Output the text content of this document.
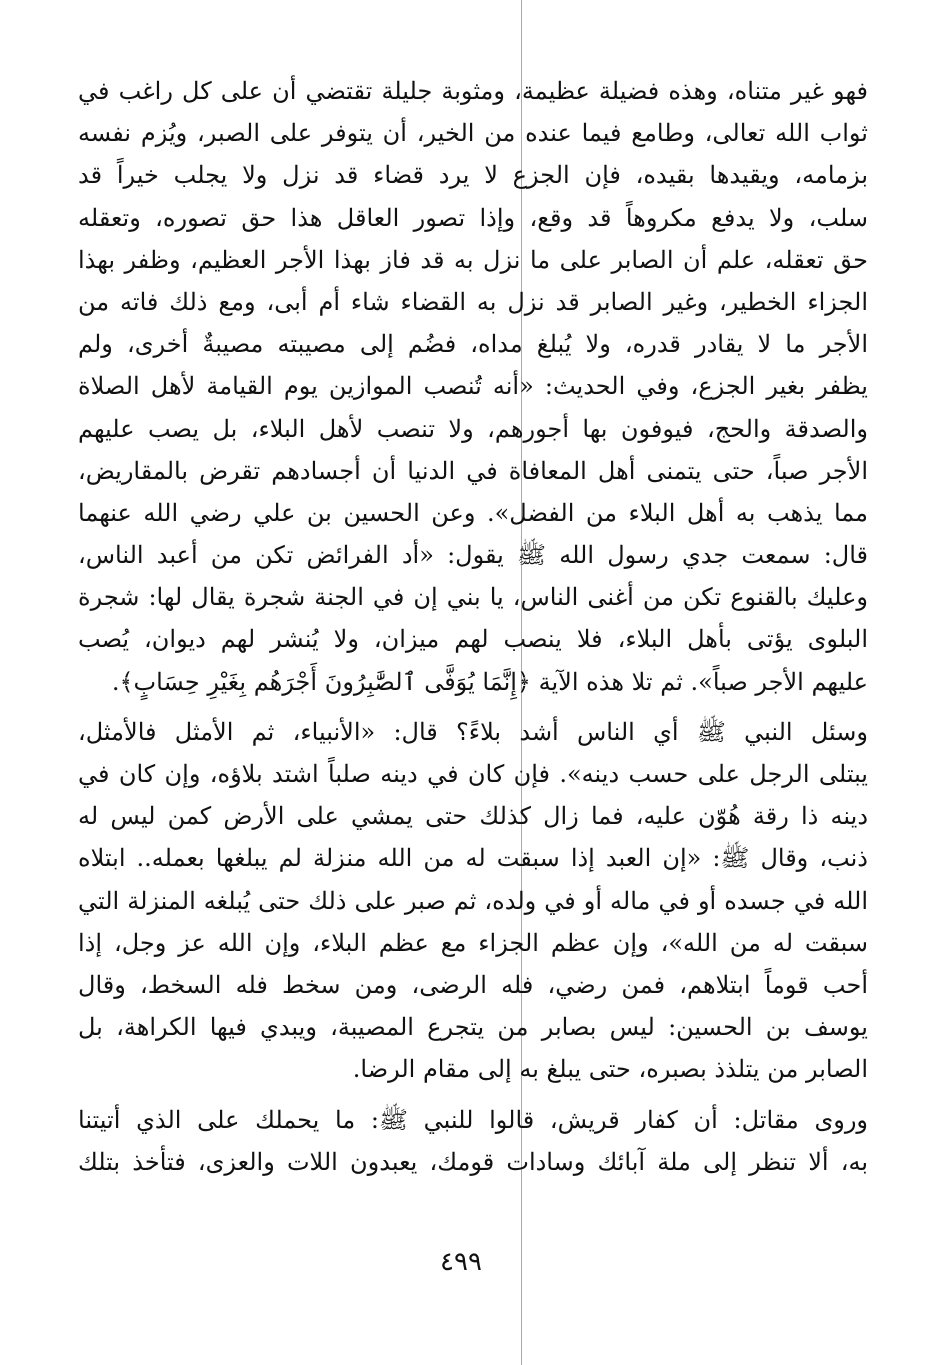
فهو غير متناه، وهذه فضيلة عظيمة، ومثوبة جليلة تقتضي أن على كل راغب في
ثواب الله تعالى، وطامع فيما عنده من الخير، أن يتوفر على الصبر، ويُزم نفسه
بزمامه، ويقيدها بقيده، فإن الجزع لا يرد قضاء قد نزل ولا يجلب خيراً قد
سلب، ولا يدفع مكروهاً قد وقع، وإذا تصور العاقل هذا حق تصوره، وتعقله
حق تعقله، علم أن الصابر على ما نزل به قد فاز بهذا الأجر العظيم، وظفر بهذا
الجزاء الخطير، وغير الصابر قد نزل به القضاء شاء أم أبى، ومع ذلك فاته من
الأجر ما لا يقادر قدره، ولا يُبلغ مداه، فضُم إلى مصيبته مصيبةٌ أخرى، ولم
يظفر بغير الجزع، وفي الحديث: «أنه تُنصب الموازين يوم القيامة لأهل الصلاة
والصدقة والحج، فيوفون بها أجورهم، ولا تنصب لأهل البلاء، بل يصب عليهم
الأجر صباً، حتى يتمنى أهل المعافاة في الدنيا أن أجسادهم تقرض بالمقاريض،
مما يذهب به أهل البلاء من الفضل». وعن الحسين بن علي رضي الله عنهما
قال: سمعت جدي رسول الله ﷺ يقول: «أد الفرائض تكن من أعبد الناس،
وعليك بالقنوع تكن من أغنى الناس، يا بني إن في الجنة شجرة يقال لها: شجرة
البلوى يؤتى بأهل البلاء، فلا ينصب لهم ميزان، ولا يُنشر لهم ديوان، يُصب
عليهم الأجر صباً». ثم تلا هذه الآية ﴿إِنَّمَا يُوَفَّى ٱلصَّٰبِرُونَ أَجْرَهُم بِغَيْرِ حِسَابٍ﴾.
وسئل النبي ﷺ أي الناس أشد بلاءً؟ قال: «الأنبياء، ثم الأمثل فالأمثل،
يبتلى الرجل على حسب دينه». فإن كان في دينه صلباً اشتد بلاؤه، وإن كان في
دينه ذا رقة هُوّن عليه، فما زال كذلك حتى يمشي على الأرض كمن ليس له
ذنب، وقال ﷺ: «إن العبد إذا سبقت له من الله منزلة لم يبلغها بعمله.. ابتلاه
الله في جسده أو في ماله أو في ولده، ثم صبر على ذلك حتى يُبلغه المنزلة التي
سبقت له من الله»، وإن عظم الجزاء مع عظم البلاء، وإن الله عز وجل، إذا
أحب قوماً ابتلاهم، فمن رضي، فله الرضى، ومن سخط فله السخط، وقال
يوسف بن الحسين: ليس بصابر من يتجرع المصيبة، ويبدي فيها الكراهة، بل
الصابر من يتلذذ بصبره، حتى يبلغ به إلى مقام الرضا.
وروى مقاتل: أن كفار قريش، قالوا للنبي ﷺ: ما يحملك على الذي أتيتنا
به، ألا تنظر إلى ملة آبائك وسادات قومك، يعبدون اللات والعزى، فتأخذ بتلك
٤٩٩
